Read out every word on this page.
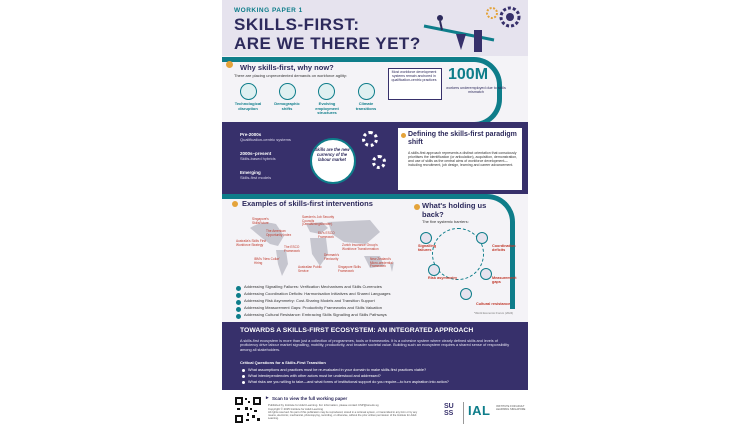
WORKING PAPER 1
SKILLS-FIRST:
ARE WE THERE YET?
Why skills-first, why now?
There are placing unprecedented demands on workforce agility:
Most workforce development systems remain anchored in qualification-centric practices 100M
workers underemployed due to skills mismatch
Technological disruption
Demographic shifts
Evolving employment structures
Climate transitions
Pre-2000s
Qualification-centric systems
2000s–present
Skills-based hybrids
Emerging
Skills-first models
Skills are the new currency of the labour market
Defining the skills-first paradigm shift
A skills-first approach represents a distinct orientation that consciously prioritises the identification (or articulation), acquisition, demonstration, and use of skills as the central aims of workforce development—including recruitment, job design, learning and career advancement.
Examples of skills-first interventions
Singapore's SkillsFuture
The American Opportunity Index
Sweden's Job Security Councils (Omställningsfonden)
EU's ESCO Framework
The ESCO Framework
Australia's Skills First Workforce Strategy	Zurich Insurance Group's Workforce Transformation
IBM's 'New Collar' Hiring
Denmark's Flexicurity
Singapore Skills Framework
New Zealand's Micro-credential Framework
Australian Public Service
Addressing Signalling Failures: Verification Mechanisms and Skills Currencies
Addressing Coordination Deficits: Harmonisation Initiatives and Shared Languages
Addressing Risk Asymmetry: Cost-Sharing Models and Transition Support
Addressing Measurement Gaps: Productivity Frameworks and Skills Valuation
Addressing Cultural Resistance: Embracing Skills Signalling and Skills Pathways
What's holding us back?
The five systemic barriers:
Signalling failures
Coordination deficits
Risk asymmetry	Measurement gaps
Cultural resistance
*World Economic Forum (2024)
TOWARDS A SKILLS-FIRST ECOSYSTEM: AN INTEGRATED APPROACH
A skills-first ecosystem is more than just a collection of programmes, tools or frameworks. It is a cohesive system where clearly defined skills and levels of proficiency drive labour market signalling, mobility, productivity, and broader societal value. Building such an ecosystem requires a shared sense of responsibility among all stakeholders.
Critical Questions for a Skills-First Transition
What assumptions and practices must be re-evaluated in your domain to make skills-first practices viable?
What interdependencies with other actors must be understood and addressed?
What risks are you willing to take—and what forms of institutional support do you require—to turn aspiration into action?
▸ Scan to view the full working paper
Published by Institute for Adult Learning. For information, please contact CSP@ial.edu.sg
Copyright © 2025 Institute for Adult Learning
All rights reserved. No part of this publication may be reproduced, stored in a retrieval system, or transmitted in any form or by any means, electronic, mechanical, photocopying, recording, or otherwise, without the prior written permission of the Institute for Adult Learning.
SUSS	IAL INSTITUTE FOR ADULT LEARNING SINGAPORE
